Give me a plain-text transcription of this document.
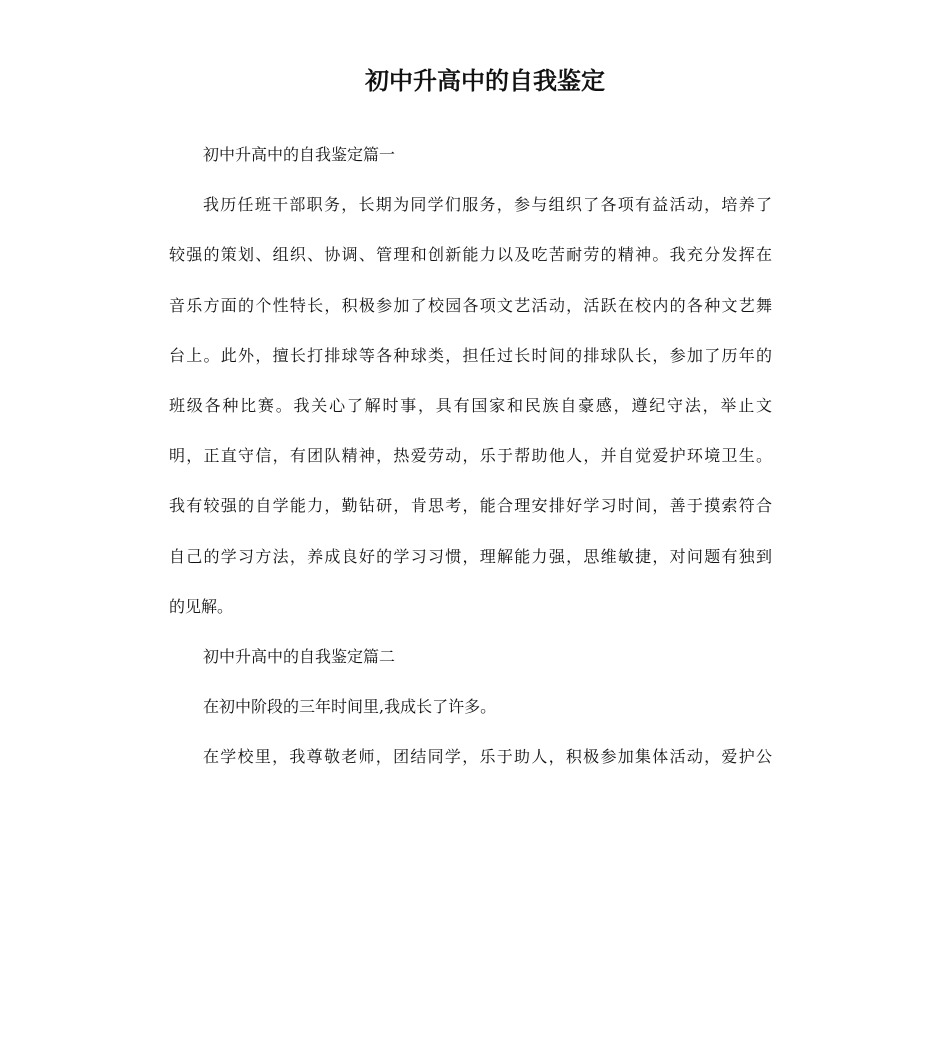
初中升高中的自我鉴定
初中升高中的自我鉴定篇一
我历任班干部职务，长期为同学们服务，参与组织了各项有益活动，培养了
较强的策划、组织、协调、管理和创新能力以及吃苦耐劳的精神。我充分发挥在
音乐方面的个性特长，积极参加了校园各项文艺活动，活跃在校内的各种文艺舞
台上。此外，擅长打排球等各种球类，担任过长时间的排球队长，参加了历年的
班级各种比赛。我关心了解时事，具有国家和民族自豪感，遵纪守法，举止文
明，正直守信，有团队精神，热爱劳动，乐于帮助他人，并自觉爱护环境卫生。
我有较强的自学能力，勤钻研，肯思考，能合理安排好学习时间，善于摸索符合
自己的学习方法，养成良好的学习习惯，理解能力强，思维敏捷，对问题有独到
的见解。
初中升高中的自我鉴定篇二
在初中阶段的三年时间里,我成长了许多。
在学校里，我尊敬老师，团结同学，乐于助人，积极参加集体活动，爱护公
